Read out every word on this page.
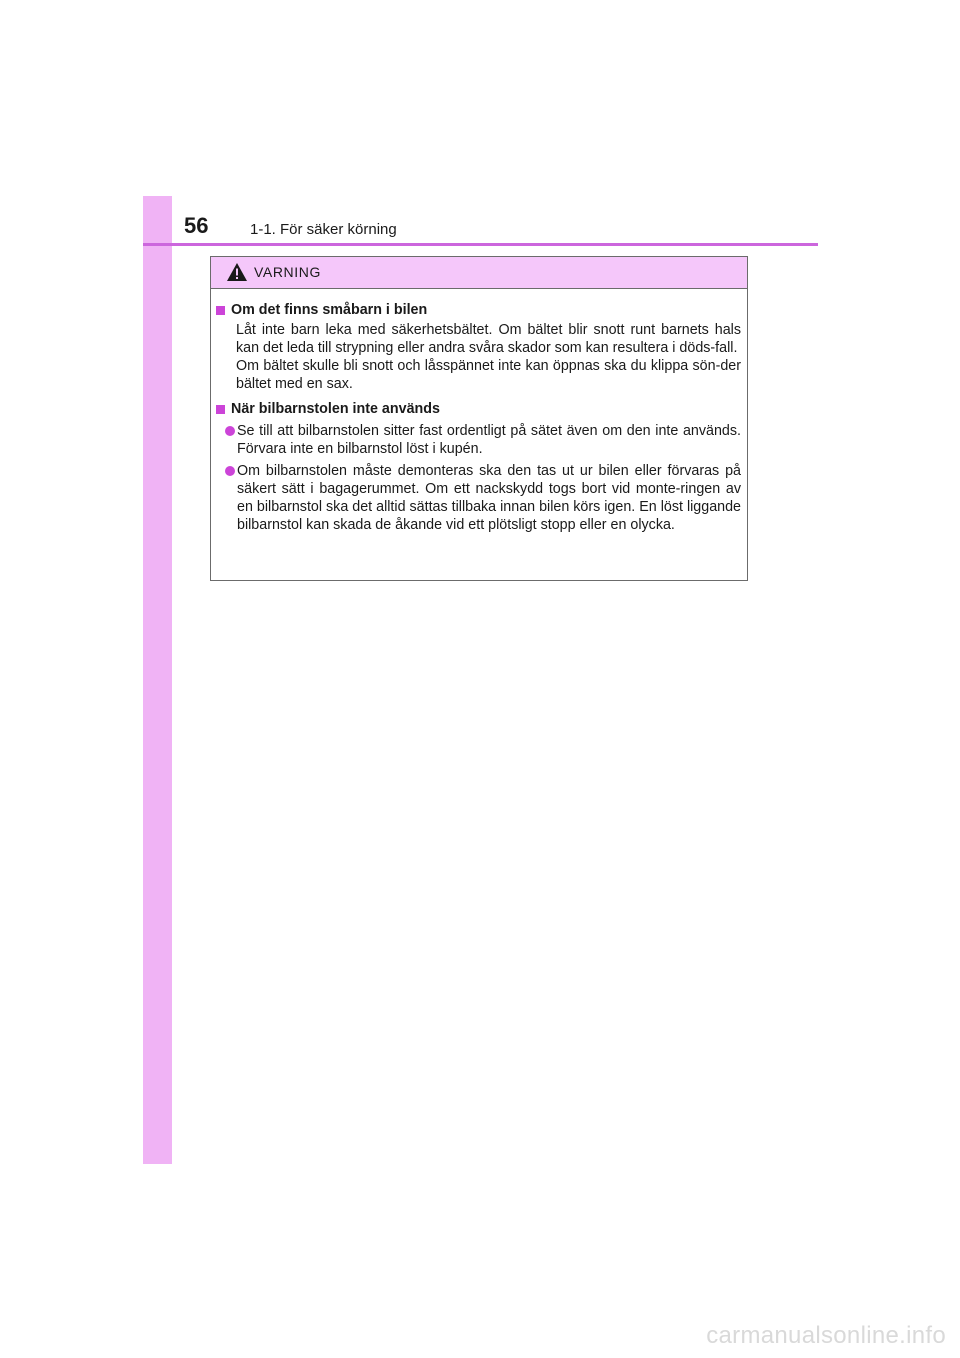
56	1-1. För säker körning
VARNING
Om det finns småbarn i bilen
Låt inte barn leka med säkerhetsbältet. Om bältet blir snott runt barnets hals kan det leda till strypning eller andra svåra skador som kan resultera i döds-fall.
Om bältet skulle bli snott och låsspännet inte kan öppnas ska du klippa sön-der bältet med en sax.
När bilbarnstolen inte används
Se till att bilbarnstolen sitter fast ordentligt på sätet även om den inte används. Förvara inte en bilbarnstol löst i kupén.
Om bilbarnstolen måste demonteras ska den tas ut ur bilen eller förvaras på säkert sätt i bagagerummet. Om ett nackskydd togs bort vid monte-ringen av en bilbarnstol ska det alltid sättas tillbaka innan bilen körs igen. En löst liggande bilbarnstol kan skada de åkande vid ett plötsligt stopp eller en olycka.
carmanualsonline.info
